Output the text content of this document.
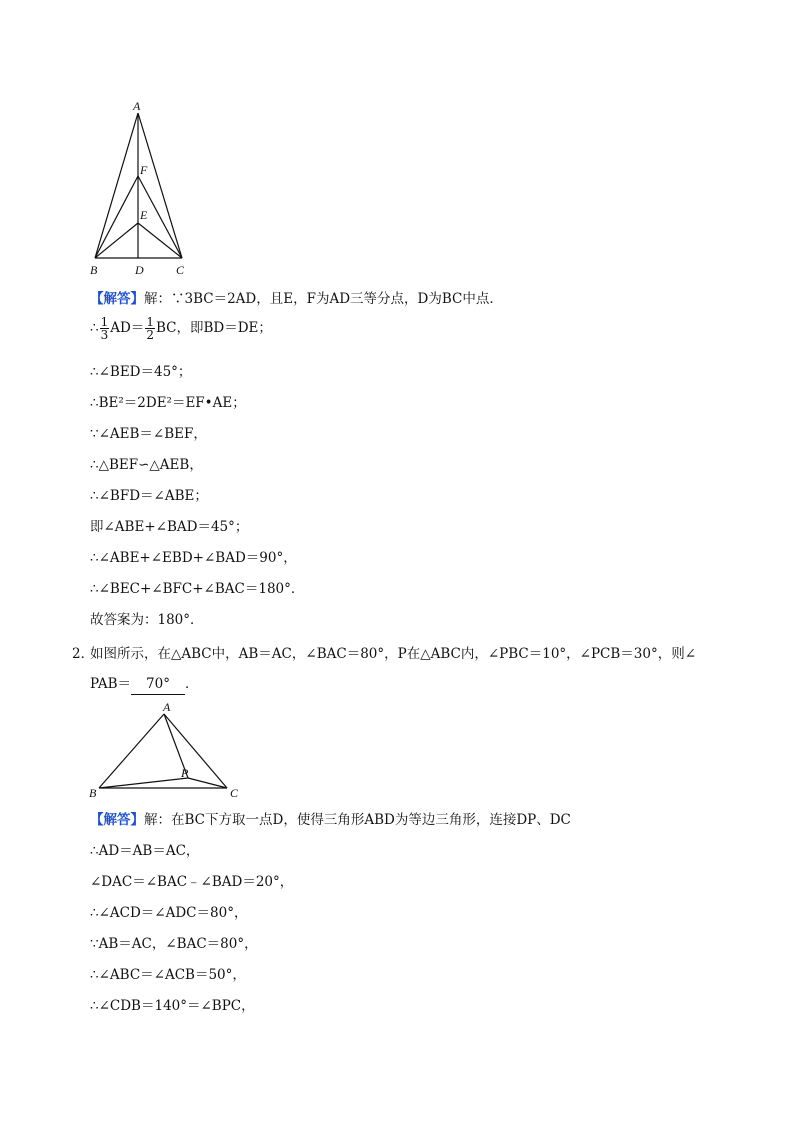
A
F
E
B	D	C
【解答】解：∵3BC＝2AD，且E，F为AD三等分点，D为BC中点．
∴ $\frac{1}{3} AD= \frac{1}{2}$ BC，即BD＝DE；
∴∠BED＝45°；
∴BE²＝2DE²＝EF•AE；
∵∠AEB＝∠BEF，
∴△BEF∽△AEB，
∴∠BFD＝∠ABE；
即∠ABE+∠BAD＝45°；
∴∠ABE+∠EBD+∠BAD＝90°，
∴∠BEC+∠BFC+∠BAC＝180°．
故答案为：180°．
2．
如图所示，在△ABC中，AB＝AC，∠BAC＝80°，P在△ABC内，∠PBC＝10°，∠PCB＝30°，则∠
PAB＝ 70° ．
A
P
B	C
【解答】解：在BC下方取一点D，使得三角形ABD为等边三角形，连接DP、DC
∴AD＝AB＝AC，
∠DAC＝∠BAC﹣∠BAD＝20°，
∴∠ACD＝∠ADC＝80°，
∵AB＝AC，∠BAC＝80°，
∴∠ABC＝∠ACB＝50°，
∴∠CDB＝140°＝∠BPC，
